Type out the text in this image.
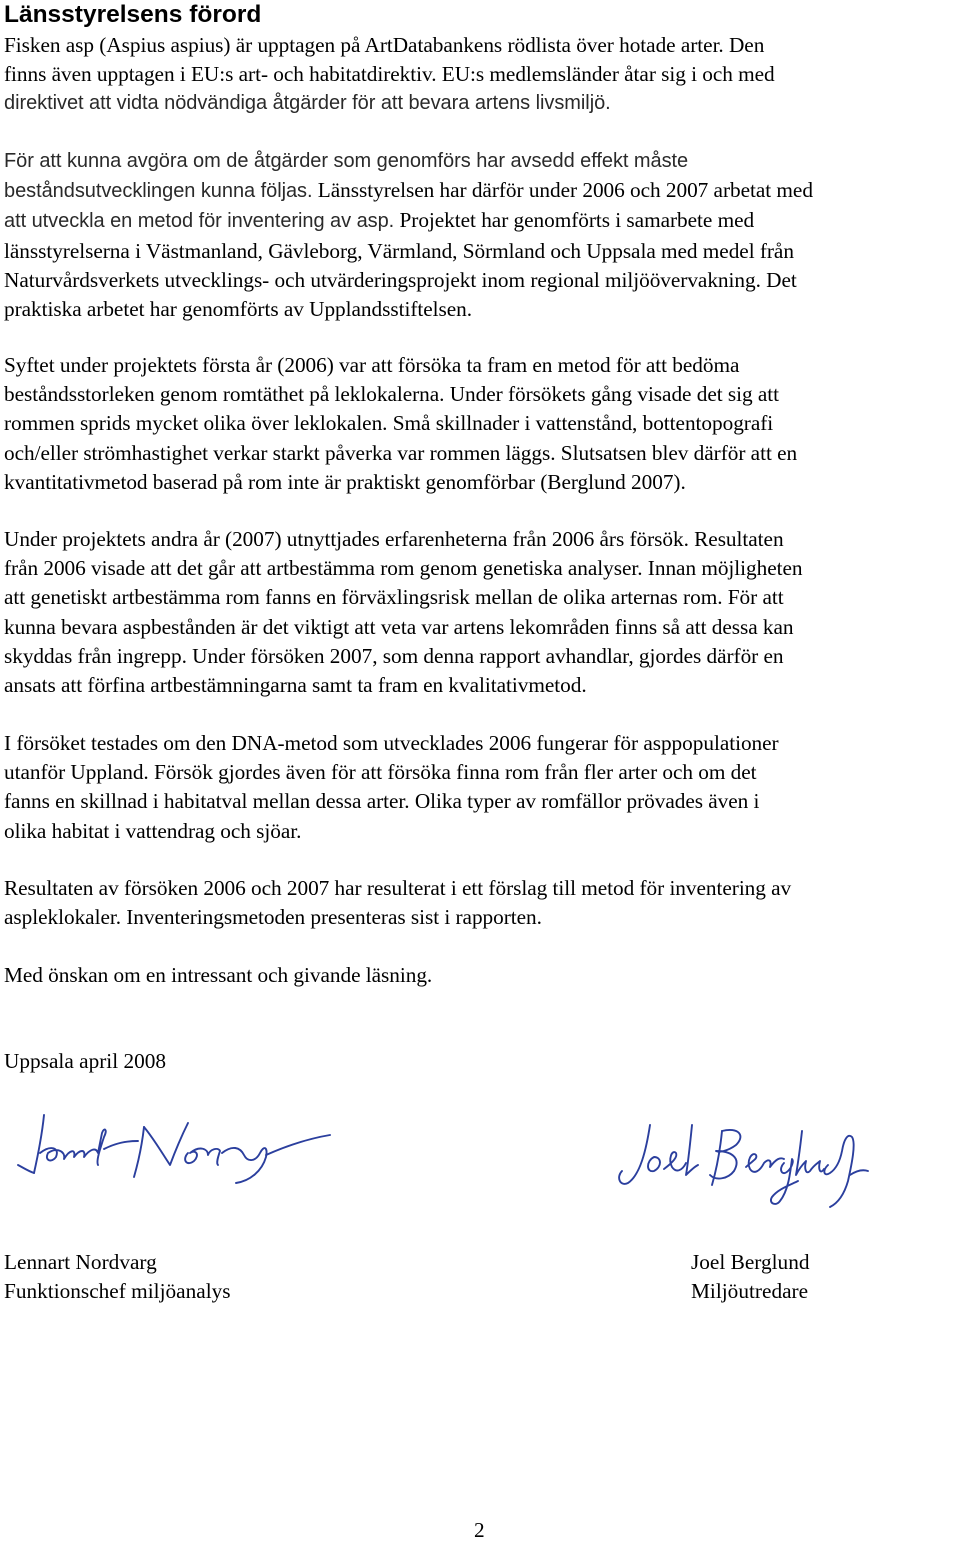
Länsstyrelsens förord

Fisken asp (Aspius aspius) är upptagen på ArtDatabankens rödlista över hotade arter. Den
finns även upptagen i EU:s art- och habitatdirektiv. EU:s medlemsländer åtar sig i och med
direktivet att vidta nödvändiga åtgärder för att bevara artens livsmiljö.

För att kunna avgöra om de åtgärder som genomförs har avsedd effekt måste
beståndsutvecklingen kunna följas. Länsstyrelsen har därför under 2006 och 2007 arbetat med
att utveckla en metod för inventering av asp. Projektet har genomförts i samarbete med
länsstyrelserna i Västmanland, Gävleborg, Värmland, Sörmland och Uppsala med medel från
Naturvårdsverkets utvecklings- och utvärderingsprojekt inom regional miljöövervakning. Det
praktiska arbetet har genomförts av Upplandsstiftelsen.

Syftet under projektets första år (2006) var att försöka ta fram en metod för att bedöma
beståndsstorleken genom romtäthet på leklokalerna. Under försökets gång visade det sig att
rommen sprids mycket olika över leklokalen. Små skillnader i vattenstånd, bottentopografi
och/eller strömhastighet verkar starkt påverka var rommen läggs. Slutsatsen blev därför att en
kvantitativmetod baserad på rom inte är praktiskt genomförbar (Berglund 2007).

Under projektets andra år (2007) utnyttjades erfarenheterna från 2006 års försök. Resultaten
från 2006 visade att det går att artbestämma rom genom genetiska analyser. Innan möjligheten
att genetiskt artbestämma rom fanns en förväxlingsrisk mellan de olika arternas rom. För att
kunna bevara aspbestånden är det viktigt att veta var artens lekområden finns så att dessa kan
skyddas från ingrepp. Under försöken 2007, som denna rapport avhandlar, gjordes därför en
ansats att förfina artbestämningarna samt ta fram en kvalitativmetod.

I försöket testades om den DNA-metod som utvecklades 2006 fungerar för asppopulationer
utanför Uppland. Försök gjordes även för att försöka finna rom från fler arter och om det
fanns en skillnad i habitatval mellan dessa arter. Olika typer av romfällor prövades även i
olika habitat i vattendrag och sjöar.

Resultaten av försöken 2006 och 2007 har resulterat i ett förslag till metod för inventering av
aspleklokaler. Inventeringsmetoden presenteras sist i rapporten.

Med önskan om en intressant och givande läsning.

Uppsala april 2008
Lennart Nordvarg
Funktionschef miljöanalys
Joel Berglund
Miljöutredare
2
